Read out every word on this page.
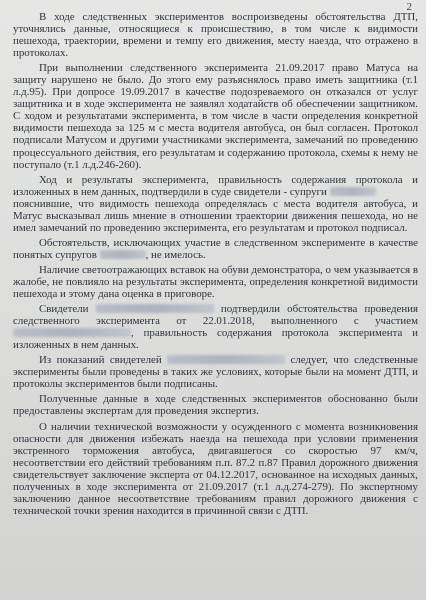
2

В ходе следственных экспериментов воспроизведены обстоятельства ДТП, уточнялись данные, относящиеся к происшествию, в том числе к видимости пешехода, траектории, времени и темпу его движения, месту наезда, что отражено в протоколах.

При выполнении следственного эксперимента 21.09.2017 право Матуса на защиту нарушено не было. До этого ему разъяснялось право иметь защитника (т.1 л.д.95). При допросе 19.09.2017 в качестве подозреваемого он отказался от услуг защитника и в ходе эксперимента не заявлял ходатайств об обеспечении защитником. С ходом и результатами эксперимента, в том числе в части определения конкретной видимости пешехода за 125 м с места водителя автобуса, он был согласен. Протокол подписали Матусом и другими участниками эксперимента, замечаний по проведению процессуального действия, его результатам и содержанию протокола, схемы к нему не поступало (т.1 л.д.246-260).

Ход и результаты эксперимента, правильность содержания протокола и изложенных в нем данных, подтвердили в суде свидетели - супруги
пояснившие, что видимость пешехода определялась с места водителя автобуса, и Матус высказывал лишь мнение в отношении траектории движения пешехода, но не имел замечаний по проведению эксперимента, его результатам и протокол подписал.

Обстоятельств, исключающих участие в следственном эксперименте в качестве понятых супругов	, не имелось.

Наличие светоотражающих вставок на обуви демонстратора, о чем указывается в жалобе, не повлияло на результаты эксперимента, определения конкретной видимости пешехода и этому дана оценка в приговоре.

Свидетели	подтвердили обстоятельства проведения следственного эксперимента от 22.01.2018, выполненного с участием , правильность содержания протокола эксперимента и изложенных в нем данных.

Из показаний свидетелей	следует, что следственные эксперименты были проведены в таких же условиях, которые были на момент ДТП, и протоколы экспериментов были подписаны.

Полученные данные в ходе следственных экспериментов обоснованно были предоставлены экспертам для проведения экспертиз.

О наличии технической возможности у осужденного с момента возникновения опасности для движения избежать наезда на пешехода при условии применения экстренного торможения автобуса, двигавшегося со скоростью 97 км/ч, несоответствии его действий требованиям п.п. 87.2 п.87 Правил дорожного движения свидетельствует заключение эксперта от 04.12.2017, основанное на исходных данных, полученных в ходе эксперимента от 21.09.2017 (т.1 л.д.274-279). По экспертному заключению данное несоответствие требованиям правил дорожного движения с технической точки зрения находится в причинной связи с ДТП.
